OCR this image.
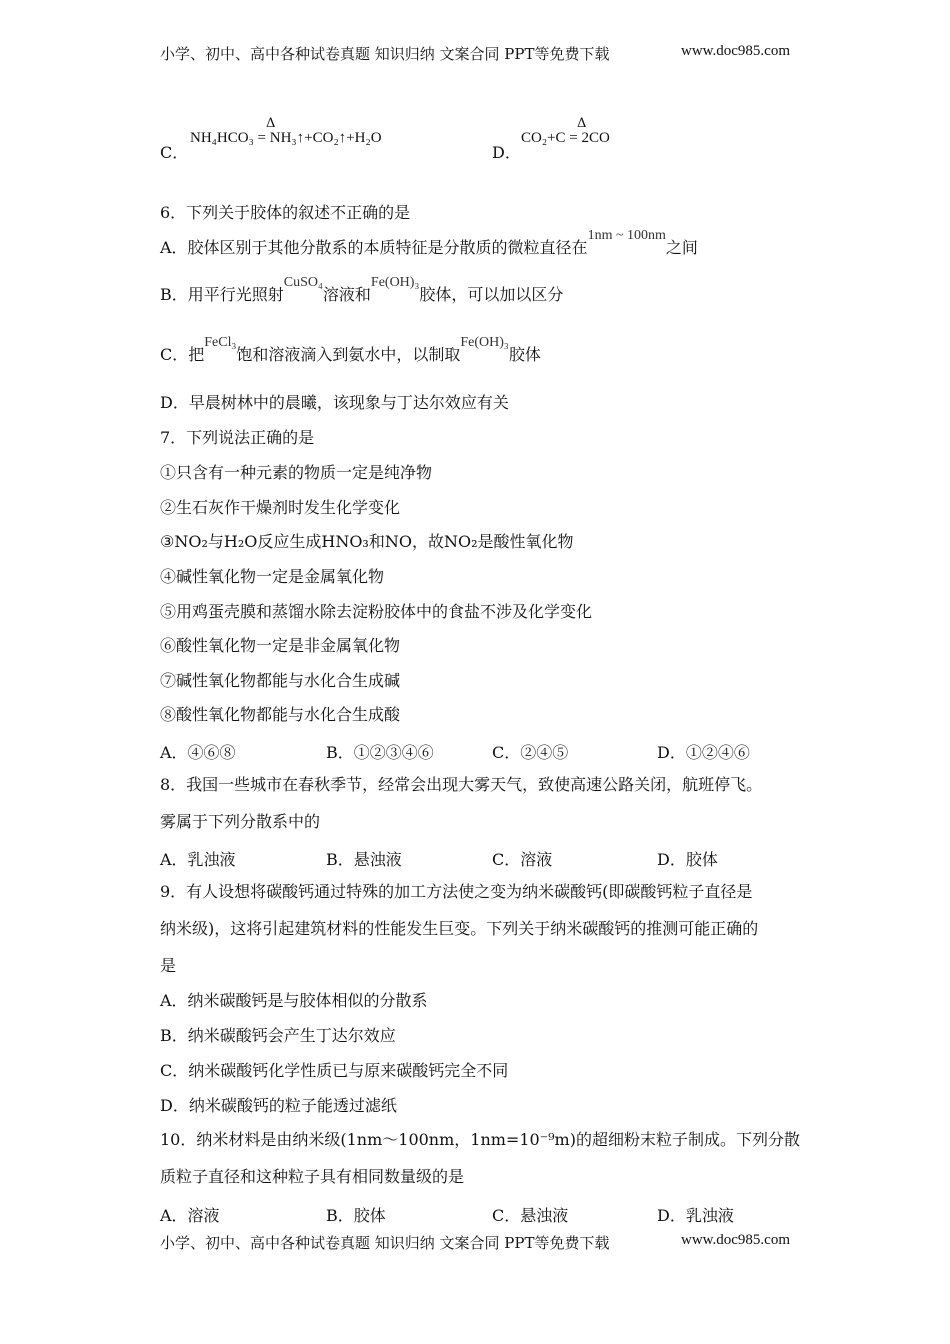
小学、初中、高中各种试卷真题 知识归纳 文案合同 PPT等免费下载	www.doc985.com
C．
Δ
NH₄HCO₃ = NH₃↑+CO₂↑+H₂O
D．
Δ
CO₂+C = 2CO
6．下列关于胶体的叙述不正确的是
A．胶体区别于其他分散系的本质特征是分散质的微粒直径在1nm ~ 100nm之间
B．用平行光照射CuSO₄溶液和Fe(OH)₃胶体，可以加以区分
C．把FeCl₃饱和溶液滴入到氨水中，以制取Fe(OH)₃胶体
D．早晨树林中的晨曦，该现象与丁达尔效应有关
7．下列说法正确的是
①只含有一种元素的物质一定是纯净物
②生石灰作干燥剂时发生化学变化
③NO₂与H₂O反应生成HNO₃和NO，故NO₂是酸性氧化物
④碱性氧化物一定是金属氧化物
⑤用鸡蛋壳膜和蒸馏水除去淀粉胶体中的食盐不涉及化学变化
⑥酸性氧化物一定是非金属氧化物
⑦碱性氧化物都能与水化合生成碱
⑧酸性氧化物都能与水化合生成酸
A．④⑥⑧	B．①②③④⑥	C．②④⑤	D．①②④⑥
8．我国一些城市在春秋季节，经常会出现大雾天气，致使高速公路关闭，航班停飞。
雾属于下列分散系中的
A．乳浊液	B．悬浊液	C．溶液	D．胶体
9．有人设想将碳酸钙通过特殊的加工方法使之变为纳米碳酸钙(即碳酸钙粒子直径是
纳米级)，这将引起建筑材料的性能发生巨变。下列关于纳米碳酸钙的推测可能正确的
是
A．纳米碳酸钙是与胶体相似的分散系
B．纳米碳酸钙会产生丁达尔效应
C．纳米碳酸钙化学性质已与原来碳酸钙完全不同
D．纳米碳酸钙的粒子能透过滤纸
10．纳米材料是由纳米级(1nm～100nm，1nm=10⁻⁹m)的超细粉末粒子制成。下列分散
质粒子直径和这种粒子具有相同数量级的是
A．溶液	B．胶体	C．悬浊液	D．乳浊液
小学、初中、高中各种试卷真题 知识归纳 文案合同 PPT等免费下载	www.doc985.com
